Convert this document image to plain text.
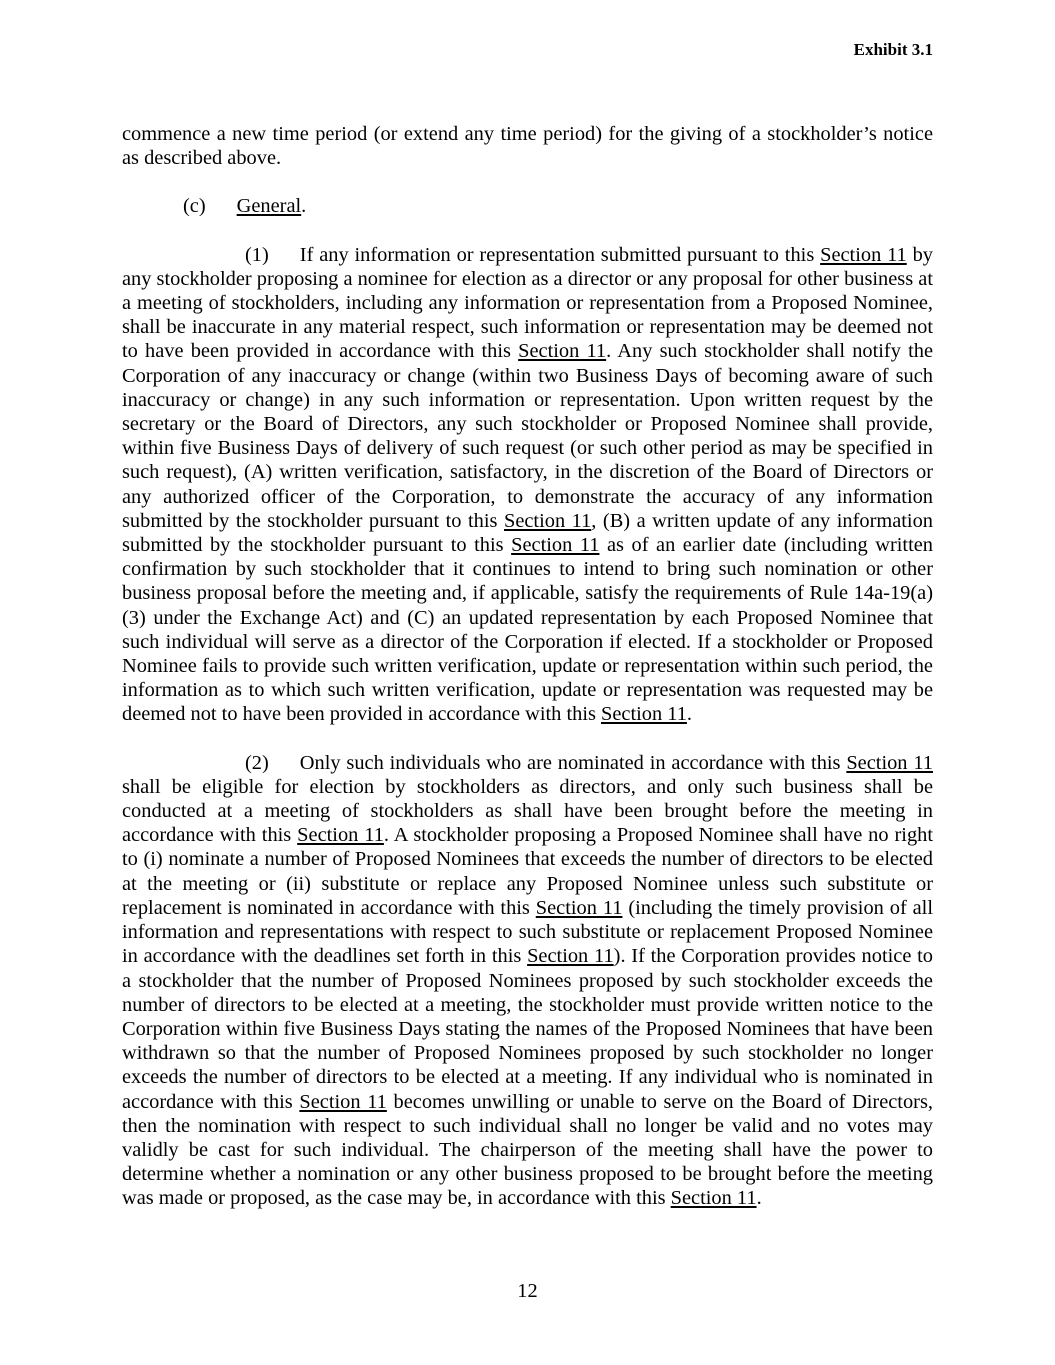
Exhibit 3.1

commence a new time period (or extend any time period) for the giving of a stockholder’s notice as described above.

(c) General.

(1) If any information or representation submitted pursuant to this Section 11 by any stockholder proposing a nominee for election as a director or any proposal for other business at a meeting of stockholders, including any information or representation from a Proposed Nominee, shall be inaccurate in any material respect, such information or representation may be deemed not to have been provided in accordance with this Section 11. Any such stockholder shall notify the Corporation of any inaccuracy or change (within two Business Days of becoming aware of such inaccuracy or change) in any such information or representation. Upon written request by the secretary or the Board of Directors, any such stockholder or Proposed Nominee shall provide, within five Business Days of delivery of such request (or such other period as may be specified in such request), (A) written verification, satisfactory, in the discretion of the Board of Directors or any authorized officer of the Corporation, to demonstrate the accuracy of any information submitted by the stockholder pursuant to this Section 11, (B) a written update of any information submitted by the stockholder pursuant to this Section 11 as of an earlier date (including written confirmation by such stockholder that it continues to intend to bring such nomination or other business proposal before the meeting and, if applicable, satisfy the requirements of Rule 14a-19(a)(3) under the Exchange Act) and (C) an updated representation by each Proposed Nominee that such individual will serve as a director of the Corporation if elected. If a stockholder or Proposed Nominee fails to provide such written verification, update or representation within such period, the information as to which such written verification, update or representation was requested may be deemed not to have been provided in accordance with this Section 11.

(2) Only such individuals who are nominated in accordance with this Section 11 shall be eligible for election by stockholders as directors, and only such business shall be conducted at a meeting of stockholders as shall have been brought before the meeting in accordance with this Section 11. A stockholder proposing a Proposed Nominee shall have no right to (i) nominate a number of Proposed Nominees that exceeds the number of directors to be elected at the meeting or (ii) substitute or replace any Proposed Nominee unless such substitute or replacement is nominated in accordance with this Section 11 (including the timely provision of all information and representations with respect to such substitute or replacement Proposed Nominee in accordance with the deadlines set forth in this Section 11). If the Corporation provides notice to a stockholder that the number of Proposed Nominees proposed by such stockholder exceeds the number of directors to be elected at a meeting, the stockholder must provide written notice to the Corporation within five Business Days stating the names of the Proposed Nominees that have been withdrawn so that the number of Proposed Nominees proposed by such stockholder no longer exceeds the number of directors to be elected at a meeting. If any individual who is nominated in accordance with this Section 11 becomes unwilling or unable to serve on the Board of Directors, then the nomination with respect to such individual shall no longer be valid and no votes may validly be cast for such individual. The chairperson of the meeting shall have the power to determine whether a nomination or any other business proposed to be brought before the meeting was made or proposed, as the case may be, in accordance with this Section 11.

12
